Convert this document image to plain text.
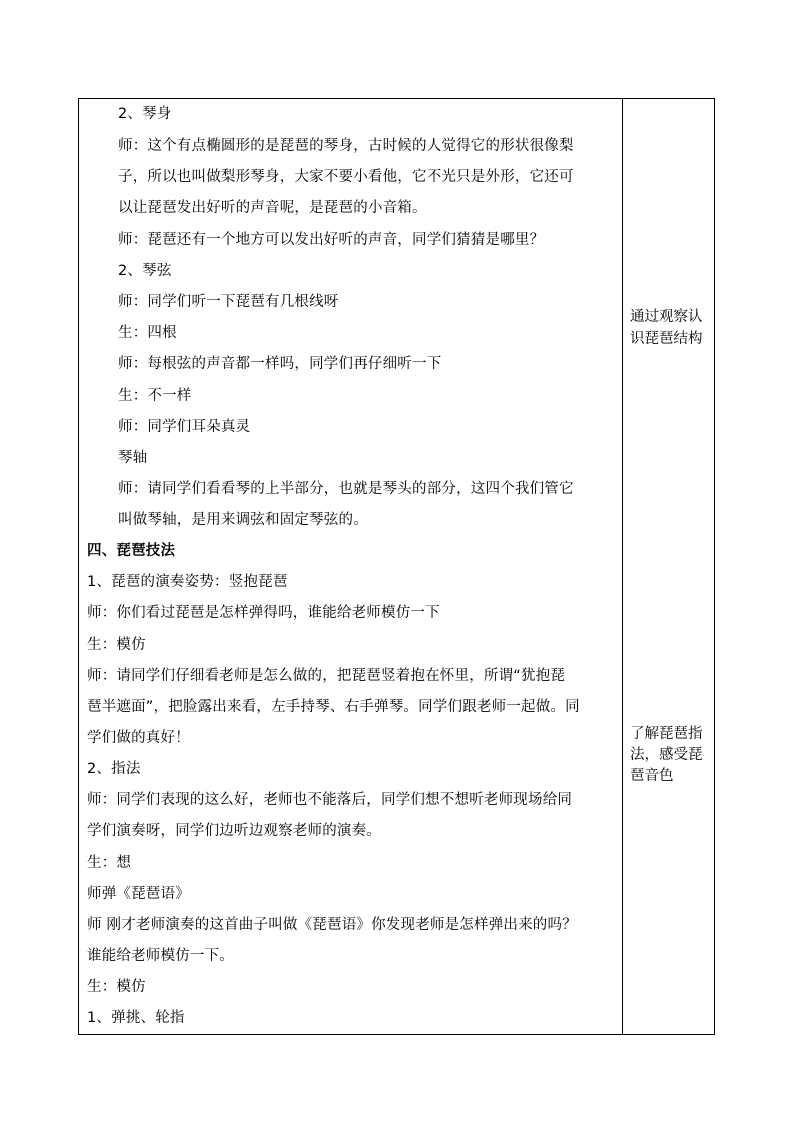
2、琴身
师：这个有点椭圆形的是琵琶的琴身，古时候的人觉得它的形状很像梨
子，所以也叫做梨形琴身，大家不要小看他，它不光只是外形，它还可
以让琵琶发出好听的声音呢，是琵琶的小音箱。
师：琵琶还有一个地方可以发出好听的声音，同学们猜猜是哪里？
2、琴弦
师：同学们听一下琵琶有几根线呀
生：四根
师：每根弦的声音都一样吗，同学们再仔细听一下
生：不一样
师：同学们耳朵真灵
琴轴
师：请同学们看看琴的上半部分，也就是琴头的部分，这四个我们管它
叫做琴轴，是用来调弦和固定琴弦的。
四、琵琶技法
1、琵琶的演奏姿势：竖抱琵琶
师：你们看过琵琶是怎样弹得吗，谁能给老师模仿一下
生：模仿
师：请同学们仔细看老师是怎么做的，把琵琶竖着抱在怀里，所谓“犹抱琵
琶半遮面”，把脸露出来看，左手持琴、右手弹琴。同学们跟老师一起做。同
学们做的真好！
2、指法
师：同学们表现的这么好，老师也不能落后，同学们想不想听老师现场给同
学们演奏呀，同学们边听边观察老师的演奏。
生：想
师弹《琵琶语》
师 刚才老师演奏的这首曲子叫做《琵琶语》你发现老师是怎样弹出来的吗？
谁能给老师模仿一下。
生：模仿
1、弹挑、轮指
通过观察认
识琵琶结构
了解琵琶指
法，感受琵
琶音色
